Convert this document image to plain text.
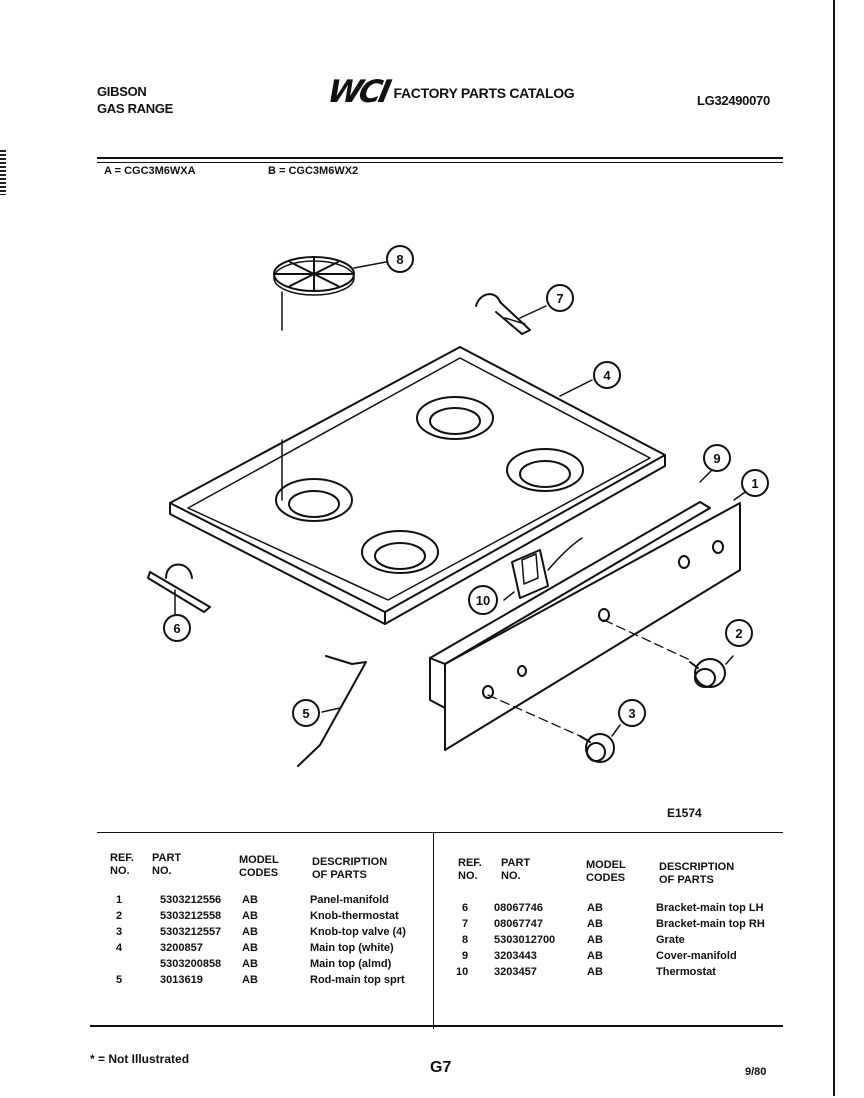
GIBSON
GAS RANGE	WCI FACTORY PARTS CATALOG	LG32490070
A = CGC3M6WXA	B = CGC3M6WX2
8
7
4
9
1
10
2
6
5	3
E1574
REF.
NO.
PART
NO.
MODEL
CODES
DESCRIPTION
OF PARTS
1	5303212556 AB	Panel-manifold
2	5303212558 AB	Knob-thermostat
3	5303212557 AB	Knob-top valve (4)
4	3200857	AB	Main top (white)
5303200858 AB	Main top (almd)
5	3013619	AB	Rod-main top sprt
REF.
NO.
PART
NO.
MODEL
CODES
DESCRIPTION
OF PARTS
6 08067746	AB	Bracket-main top LH
7 08067747	AB	Bracket-main top RH
8 5303012700	AB	Grate
9 3203443	AB	Cover-manifold
10 3203457	AB	Thermostat
* = Not Illustrated	G7	9/80
